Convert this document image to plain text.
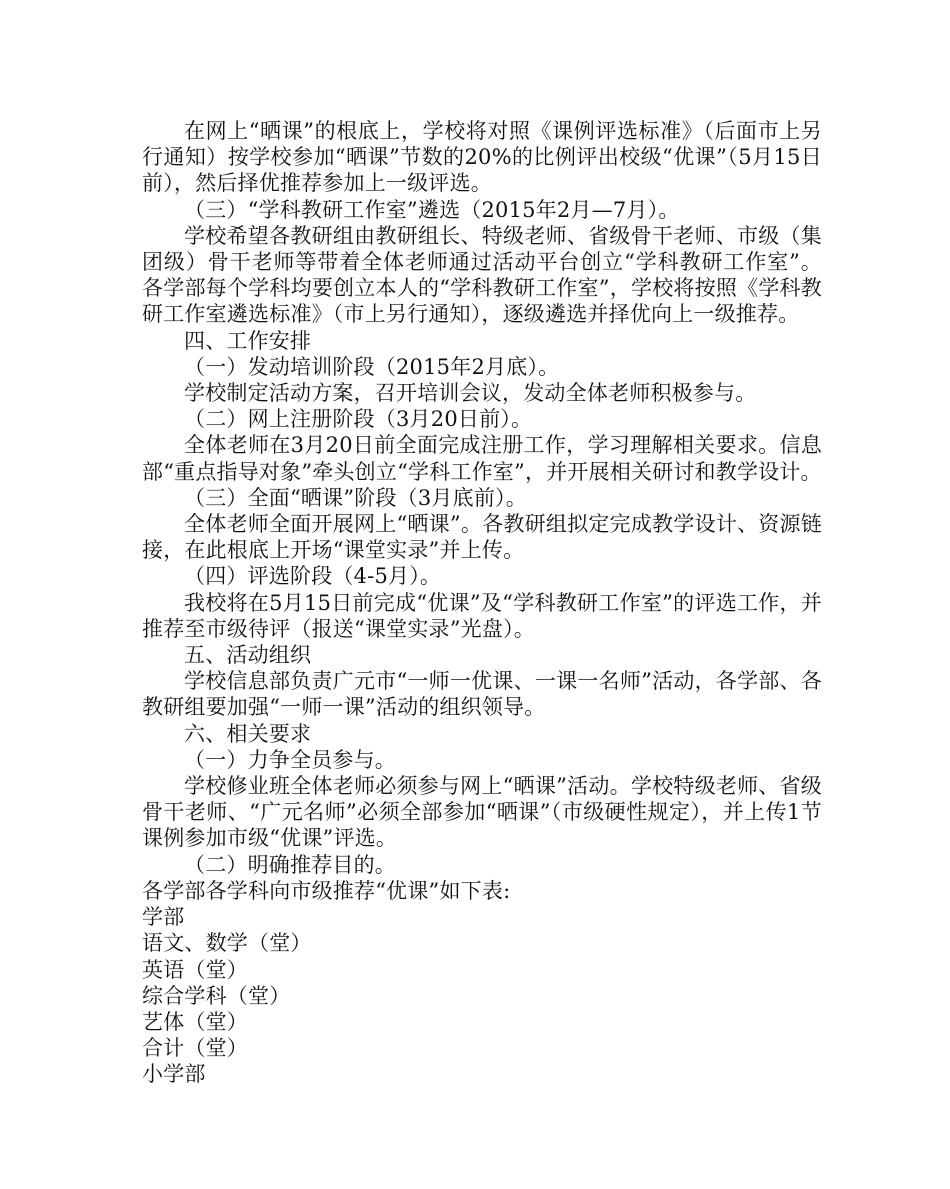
在网上“晒课”的根底上，学校将对照《课例评选标准》（后面市上另行通知）按学校参加“晒课”节数的20%的比例评出校级“优课”（5月15日前），然后择优推荐参加上一级评选。

（三）“学科教研工作室”遴选（2015年2月—7月）。

学校希望各教研组由教研组长、特级老师、省级骨干老师、市级（集团级）骨干老师等带着全体老师通过活动平台创立“学科教研工作室”。 各学部每个学科均要创立本人的“学科教研工作室”，学校将按照《学科教研工作室遴选标准》（市上另行通知），逐级遴选并择优向上一级推荐。

四、工作安排

（一）发动培训阶段（2015年2月底）。

学校制定活动方案，召开培训会议，发动全体老师积极参与。

（二）网上注册阶段（3月20日前）。

全体老师在3月20日前全面完成注册工作，学习理解相关要求。信息部“重点指导对象”牵头创立“学科工作室”，并开展相关研讨和教学设计。

（三）全面“晒课”阶段（3月底前）。

全体老师全面开展网上“晒课”。各教研组拟定完成教学设计、资源链接，在此根底上开场“课堂实录”并上传。

（四）评选阶段（4-5月）。

我校将在5月15日前完成“优课”及“学科教研工作室”的评选工作，并推荐至市级待评（报送“课堂实录”光盘）。

五、活动组织

学校信息部负责广元市“一师一优课、一课一名师”活动，各学部、各教研组要加强“一师一课”活动的组织领导。

六、相关要求

（一）力争全员参与。

学校修业班全体老师必须参与网上“晒课”活动。学校特级老师、省级骨干老师、“广元名师”必须全部参加“晒课”（市级硬性规定），并上传1节课例参加市级“优课”评选。

（二）明确推荐目的。

各学部各学科向市级推荐“优课”如下表:

学部

语文、数学（堂）

英语（堂）

综合学科（堂）

艺体（堂）

合计（堂）

小学部
